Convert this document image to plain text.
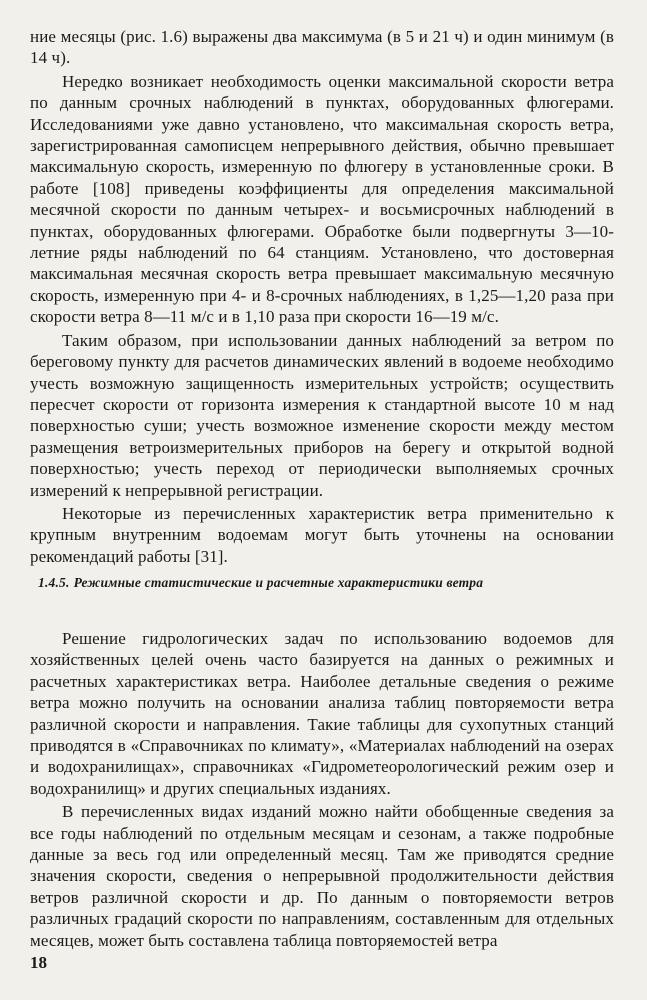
ние месяцы (рис. 1.6) выражены два максимума (в 5 и 21 ч) и один минимум (в 14 ч).

Нередко возникает необходимость оценки максимальной скорости ветра по данным срочных наблюдений в пунктах, оборудованных флюгерами. Исследованиями уже давно установлено, что максимальная скорость ветра, зарегистрированная самописцем непрерывного действия, обычно превышает максимальную скорость, измеренную по флюгеру в установленные сроки. В работе [108] приведены коэффициенты для определения максимальной месячной скорости по данным четырех- и восьмисрочных наблюдений в пунктах, оборудованных флюгерами. Обработке были подвергнуты 3—10-летние ряды наблюдений по 64 станциям. Установлено, что достоверная максимальная месячная скорость ветра превышает максимальную месячную скорость, измеренную при 4- и 8-срочных наблюдениях, в 1,25—1,20 раза при скорости ветра 8—11 м/с и в 1,10 раза при скорости 16—19 м/с.

Таким образом, при использовании данных наблюдений за ветром по береговому пункту для расчетов динамических явлений в водоеме необходимо учесть возможную защищенность измерительных устройств; осуществить пересчет скорости от горизонта измерения к стандартной высоте 10 м над поверхностью суши; учесть возможное изменение скорости между местом размещения ветроизмерительных приборов на берегу и открытой водной поверхностью; учесть переход от периодически выполняемых срочных измерений к непрерывной регистрации.

Некоторые из перечисленных характеристик ветра применительно к крупным внутренним водоемам могут быть уточнены на основании рекомендаций работы [31].

1.4.5. Режимные статистические и расчетные характеристики ветра

Решение гидрологических задач по использованию водоемов для хозяйственных целей очень часто базируется на данных о режимных и расчетных характеристиках ветра. Наиболее детальные сведения о режиме ветра можно получить на основании анализа таблиц повторяемости ветра различной скорости и направления. Такие таблицы для сухопутных станций приводятся в «Справочниках по климату», «Материалах наблюдений на озерах и водохранилищах», справочниках «Гидрометеорологический режим озер и водохранилищ» и других специальных изданиях.

В перечисленных видах изданий можно найти обобщенные сведения за все годы наблюдений по отдельным месяцам и сезонам, а также подробные данные за весь год или определенный месяц. Там же приводятся средние значения скорости, сведения о непрерывной продолжительности действия ветров различной скорости и др. По данным о повторяемости ветров различных градаций скорости по направлениям, составленным для отдельных месяцев, может быть составлена таблица повторяемостей ветра

18
